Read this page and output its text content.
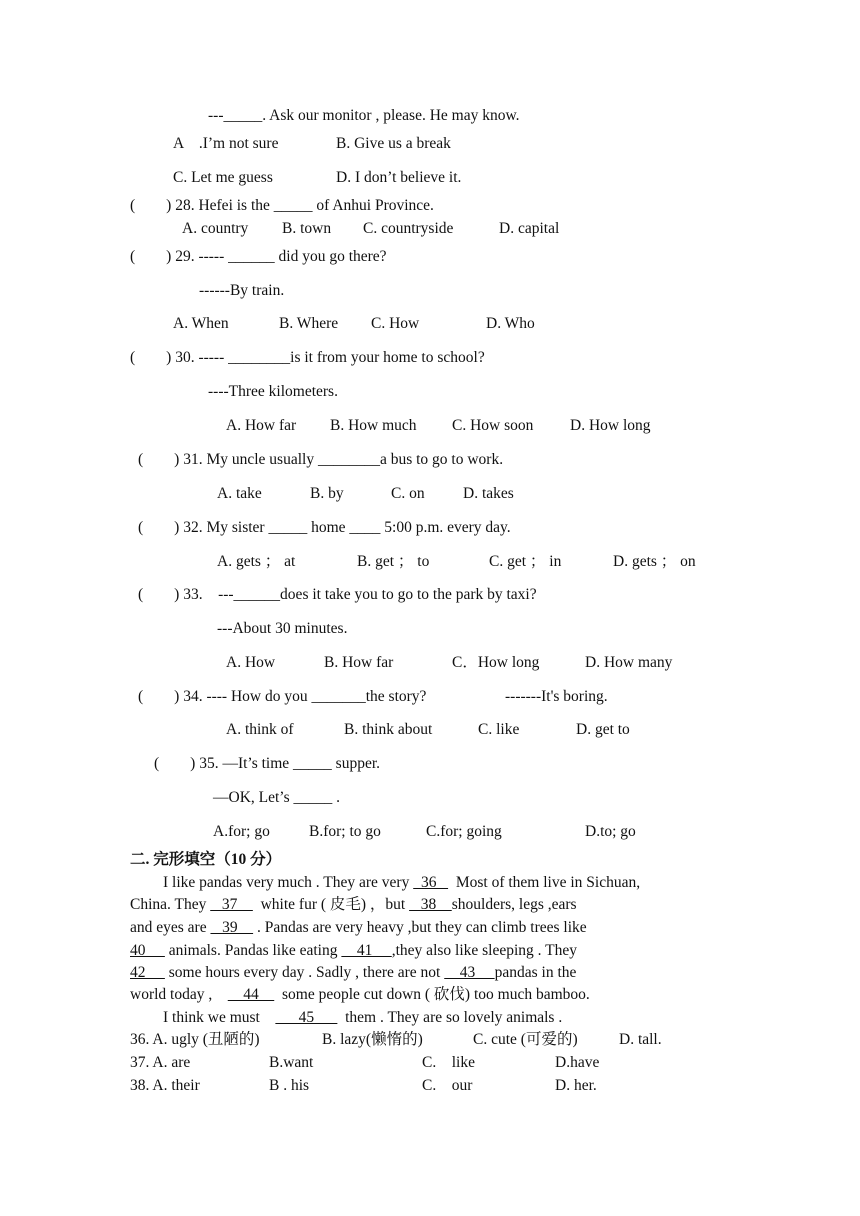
---_____. Ask our monitor , please. He may know.
A　.I’m not sure	B. Give us a break
C. Let me guess	D. I don’t believe it.
(　　) 28. Hefei is the _____ of Anhui Province.
A. country B. town C. countryside	D. capital
(　　) 29. ----- ______ did you go there?
------By train.
A. When	B. Where C. How	D. Who
(　　) 30. ----- ________is it from your home to school?
----Three kilometers.
A. How far B. How much C. How soon D. How long
(　　) 31. My uncle usually ________a bus to go to work.
A. take	B. by	C. on D. takes
(　　) 32. My sister _____ home ____ 5:00 p.m. every day.
A. gets ； at	B. get ； to	C. get ； in	D. gets ； on
(　　) 33.　---______does it take you to go to the park by taxi?
---About 30 minutes.
A. How	B. How far	C．How long	D. How many
(　　) 34. ---- How do you _______the story?	-------It's boring.
A. think of	B. think about	C. like	D. get to
(　　) 35. —It’s time _____ supper.
—OK, Let’s _____ .
A.for; go	B.for; to go	C.for; going	D.to; go
二. 完形填空（10 分）
I like pandas very much . They are very   36     Most of them live in Sichuan,
China. They    37      white fur ( 皮毛) ，but    38    shoulders, legs ,ears
and eyes are    39     . Pandas are very heavy ,but they can climb trees like
40      animals. Pandas like eating     41     ,they also like sleeping . They
42      some hours every day . Sadly , there are not     43     pandas in the
world today ,　    44      some people cut down ( 砍伐) too much bamboo.
I think we must　      45        them . They are so lovely animals .
36. A. ugly (丑陋的)	B. lazy(懒惰的)	C. cute (可爱的)	D. tall.
37. A. are	B.want	C.　like	D.have
38. A. their	B . his	C.　our	D. her.
